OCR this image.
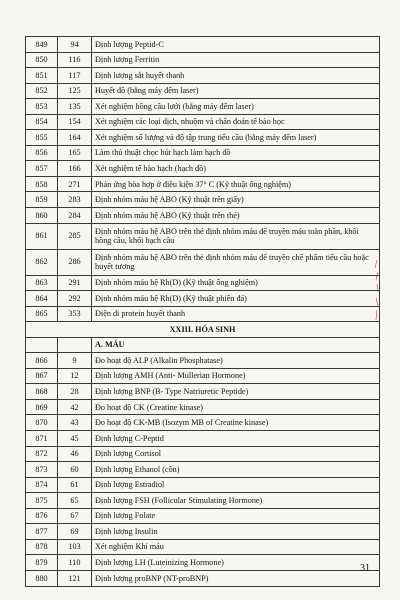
849	94	Định lượng Peptid-C
850	116	Định lượng Ferritin
851	117	Định lượng sắt huyết thanh
852	125	Huyết đồ (bằng máy đếm laser)
853	135	Xét nghiệm hồng cầu lưới (bằng máy đếm laser)
854	154	Xét nghiệm các loại dịch, nhuộm và chẩn đoán tế bào học
855	164	Xét nghiệm số lượng và độ tập trung tiểu cầu (bằng máy đếm laser)
856	165	Làm thủ thuật chọc hút hạch làm hạch đồ
857	166	Xét nghiệm tế bào hạch (hạch đồ)
858	271	Phản ứng hòa hợp ở điều kiện 37° C (Kỹ thuật ống nghiệm)
859	283	Định nhóm máu hệ ABO (Kỹ thuật trên giấy)
860	284	Định nhóm máu hệ ABO (Kỹ thuật trên thẻ)
861	285	Định nhóm máu hệ ABO trên thẻ định nhóm máu để truyền máu toàn phần, khối hồng cầu, khối bạch cầu
862	286	Định nhóm máu hệ ABO trên thẻ định nhóm máu để truyền chế phẩm tiểu cầu hoặc huyết tương
863	291	Định nhóm máu hệ Rh(D) (Kỹ thuật ống nghiệm)
864	292	Định nhóm máu hệ Rh(D) (Kỹ thuật phiến đá)
865	353	Điện di protein huyết thanh
XXIII. HÓA SINH		
		A. MÁU
866	9	Đo hoạt độ ALP (Alkalin Phosphatase)
867	12	Định lượng AMH (Anti- Mullerian Hormone)
868	28	Định lượng BNP (B- Type Natriuretic Peptide)
869	42	Đo hoạt độ CK (Creatine kinase)
870	43	Đo hoạt độ CK-MB (Isozym MB of Creatine kinase)
871	45	Định lượng C-Peptid
872	46	Định lượng Cortisol
873	60	Định lượng Ethanol (cồn)
874	61	Định lượng Estradiol
875	65	Định lượng FSH (Follicular Stimulating Hormone)
876	67	Định lượng Folate
877	69	Định lượng Insulin
878	103	Xét nghiệm Khí máu
879	110	Định lượng LH (Luteinizing Hormone)
880	121	Định lượng proBNP (NT-proBNP)
31
